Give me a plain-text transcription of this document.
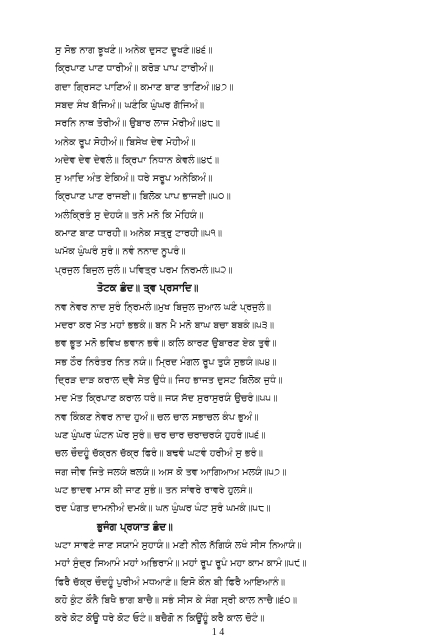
ਸੁ ਸੋਭ ਨਾਗ ਝੂਖਣੰ॥ ਅਨੇਕ ਦੁਸਟ ਦੂਖਣੰ॥੪੬॥
ਕ੍ਰਿਪਾਣ ਪਾਣ ਧਾਰੀਅੰ॥ ਕਰੋੜ ਪਾਪ ਟਾਰੀਅੰ॥
ਗਦਾ ਗ੍ਰਿਸਟ ਪਾਣਿਅੰ॥ ਕਮਾਣ ਬਾਣ ਤਾਣਿਅੰ॥੪੭॥
ਸਬਦ ਸੰਖ ਬੱਜਿਅੰ॥ ਘਣੰਕਿ ਘੁੰਘਰ ਗੱਜਿਅੰ॥
ਸਰਨਿ ਨਾਥ ਤੋਰੀਅੰ॥ ਉਬਾਰ ਲਾਜ ਮੋਰੀਅੰ॥੪੮॥
ਅਨੇਕ ਰੂਪ ਸੋਹੀਅੰ॥ ਬਿਸੇਖ ਦੇਵ ਮੋਹੀਅੰ॥
ਅਦੇਵ ਦੇਵ ਦੇਵਲੰ॥ ਕ੍ਰਿਪਾ ਨਿਧਾਨ ਕੇਵਲੰ॥੪੯॥
ਸੁ ਆਦਿ ਅੰਤ ਏਕਿਅੰ॥ ਧਰੇ ਸਰੂਪ ਅਨੇਕਿਅੰ॥
ਕ੍ਰਿਪਾਣ ਪਾਣ ਰਾਜਈ॥ ਬਿਲੋਕ ਪਾਪ ਭਾਜਈ॥੫੦॥
ਅਲੰਕ੍ਰਿਤੰ ਸੁ ਦੇਹਯੰ॥ ਤਨੋ ਮਨੋ ਕਿ ਮੋਹਿਯੰ॥
ਕਮਾਣ ਬਾਣ ਧਾਰਹੀ॥ ਅਨੇਕ ਸਤ੍ਰੁ ਟਾਰਹੀ॥੫੧॥
ਘਮੱਕ ਘੁੰਘਰੰ ਸੁਰੰ॥ ਨਵੰ ਨਨਾਦ ਨੂਪਰੰ॥
ਪ੍ਰਜੁਲ ਬਿਜੁਲ ਜੁਲੰ॥ ਪਵਿਤ੍ਰ ਪਰਮ ਨਿਰਮਲੰ॥੫੨॥
ਤੋਟਕ ਛੰਦ॥ ਤ੍ਵ ਪ੍ਰਸਾਦਿ॥
ਨਵ ਨੇਵਰ ਨਾਦ ਸੁਰੰ ਨ੍ਰਿਮਲੰ॥ਮੁਖ ਬਿਜੁਲ ਜੁਆਲ ਘਣੰ ਪ੍ਰਜੁਲੰ॥
ਮਦਰਾ ਕਰ ਮੱਤ ਮਹਾਂ ਭਭਕੰ॥ ਬਨ ਮੈ ਮਨੋ ਬਾਘ ਬਚਾ ਬਬਕੰ॥੫੩॥
ਭਵ ਭੂਤ ਮਨੋ ਭਵਿਖ ਭਵਾਨ ਭਵੰ॥ ਕਲਿ ਕਾਰਣ ਉਬਾਰਣ ਏਕ ਤੁਵੰ॥
ਸਭ ਠੌਰ ਨਿਰੰਤਰ ਨਿਤ ਨਯੰ॥ ਮ੍ਰਿਦ ਮੰਗਲ ਰੂਪ ਤੁਯੰ ਸੁਭਯੰ॥੫੪॥
ਦ੍ਰਿੜ ਦਾੜ ਕਰਾਲ ਦ੍ਵੈ ਸੇਤ ਉਧੰ॥ ਜਿਹ ਭਾਜਤ ਦੁਸਟ ਬਿਲੋਕ ਜੁਧੰ॥
ਮਦ ਮੱਤ ਕ੍ਰਿਪਾਣ ਕਰਾਲ ਧਰੰ॥ ਜਯ ਸੱਦ ਸੁਰਾਸੁਰਯੰ ਉਚਰੰ॥੫੫॥
ਨਵ ਕਿੰਕਣ ਨੇਵਰ ਨਾਦ ਹੁਅੰ॥ ਚਲ ਚਾਲ ਸਭਾਚਲ ਕੰਪ ਭੁਅੰ॥
ਘਣ ਘੁੰਘਰ ਘੰਟਨ ਘੋਰ ਸੁਰੰ॥ ਚਰ ਚਾਰ ਚਰਾਚਰਯੰ ਹੁਹਰੰ॥੫੬॥
ਚਲ ਚੌਦਹੂੰ ਚੱਕ੍ਰਨ ਚੱਕ੍ਰ ਫਿਰੰ॥ ਬਢਵੰ ਘਟਵੰ ਹਰੀਅੰ ਸੁ ਭਰੰ॥
ਜਗ ਜੀਵ ਜਿਤੇ ਜਲਯੰ ਥਲਯੰ॥ ਅਸ ਕੋ ਤਵ ਆਗਿਆਅ ਮਲਯੰ॥੫੭॥
ਘਟ ਭਾਦਵ ਮਾਸ ਕੀ ਜਾਣ ਸੁਭੰ॥ ਤਨ ਸਾਂਵਰੇ ਰਾਵਰੇ ਹੁਲਸੰ॥
ਰਦ ਪੰਗਤ ਦਾਮਨੀਅੰ ਦਮਕੰ॥ ਘਨ ਘੁੰਘਰ ਘੰਟ ਸੁਰੰ ਘਮਕੰ॥੫੮॥
ਭੁਜੰਗ ਪ੍ਰਯਾਤ ਛੰਦ॥
ਘਟਾ ਸਾਵਣੰ ਜਾਣ ਸਯਾਮੰ ਸੁਹਾਯੰ॥ ਮਣੀ ਨੀਲ ਨੱਗਿਯੰ ਲਖੰ ਸੀਸ ਨਿਆਯੰ॥
ਮਹਾਂ ਸੁੰਦ੍ਰ ਸਿਆਮੰ ਮਹਾਂ ਅਭਿਰਾਮੰ॥ ਮਹਾਂ ਰੂਪ ਰੂਪੰ ਮਹਾ ਕਾਮ ਕਾਮੰ॥੫੯॥
ਫਿਰੈ ਚੱਕ੍ਰ ਚੌਦਹੂੰ ਪੁਰੀਅੰ ਮਧਆਣੰ॥ ਇਸੋ ਕੌਨ ਬੀ ਫਿਰੈ ਆਇਆਨੰ॥
ਕਹੋ ਕੁੰਟ ਕੌਨੈ ਬਿਖੈ ਭਾਗ ਬਾਚੈ॥ ਸਭੰ ਸੀਸ ਕੇ ਸੰਗ ਸ੍ਰੀ ਕਾਲ ਨਾਚੈ॥੬੦॥
ਕਰੇ ਕੋਟ ਕੋਊ ਧਰੇ ਕੋਟ ਓਟੰ॥ ਬਚੈਗੋ ਨ ਕਿਊਂਹੂੰ ਕਰੈ ਕਾਲ ਚੋਟੰ॥
1 4
